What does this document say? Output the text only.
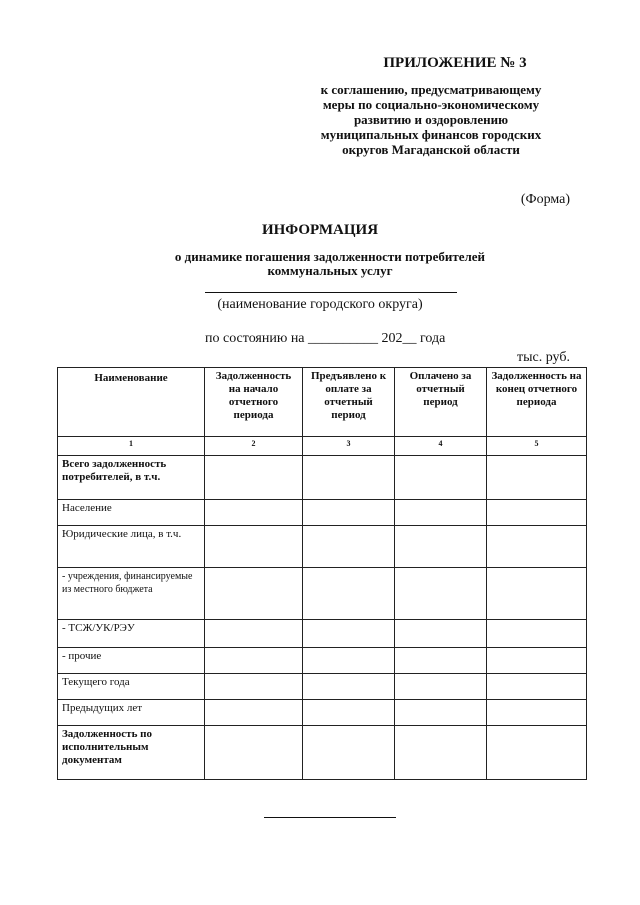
ПРИЛОЖЕНИЕ № 3
к соглашению, предусматривающему
меры по социально-экономическому
развитию и оздоровлению
муниципальных финансов городских
округов Магаданской области
(Форма)
ИНФОРМАЦИЯ
о динамике погашения задолженности потребителей
коммунальных услуг
(наименование городского округа)
по состоянию на __________ 202__ года
тыс. руб.
Наименование	Задолженность на начало отчетного периода	Предъявлено к оплате за отчетный период	Оплачено за отчетный период	Задолженность на конец отчетного периода
1	2	3	4	5
Всего задолженность потребителей, в т.ч.				
Население				
Юридические лица, в т.ч.				
- учреждения, финансируемые из местного бюджета				
- ТСЖ/УК/РЭУ				
- прочие				
Текущего года				
Предыдущих лет				
Задолженность по исполнительным документам				
